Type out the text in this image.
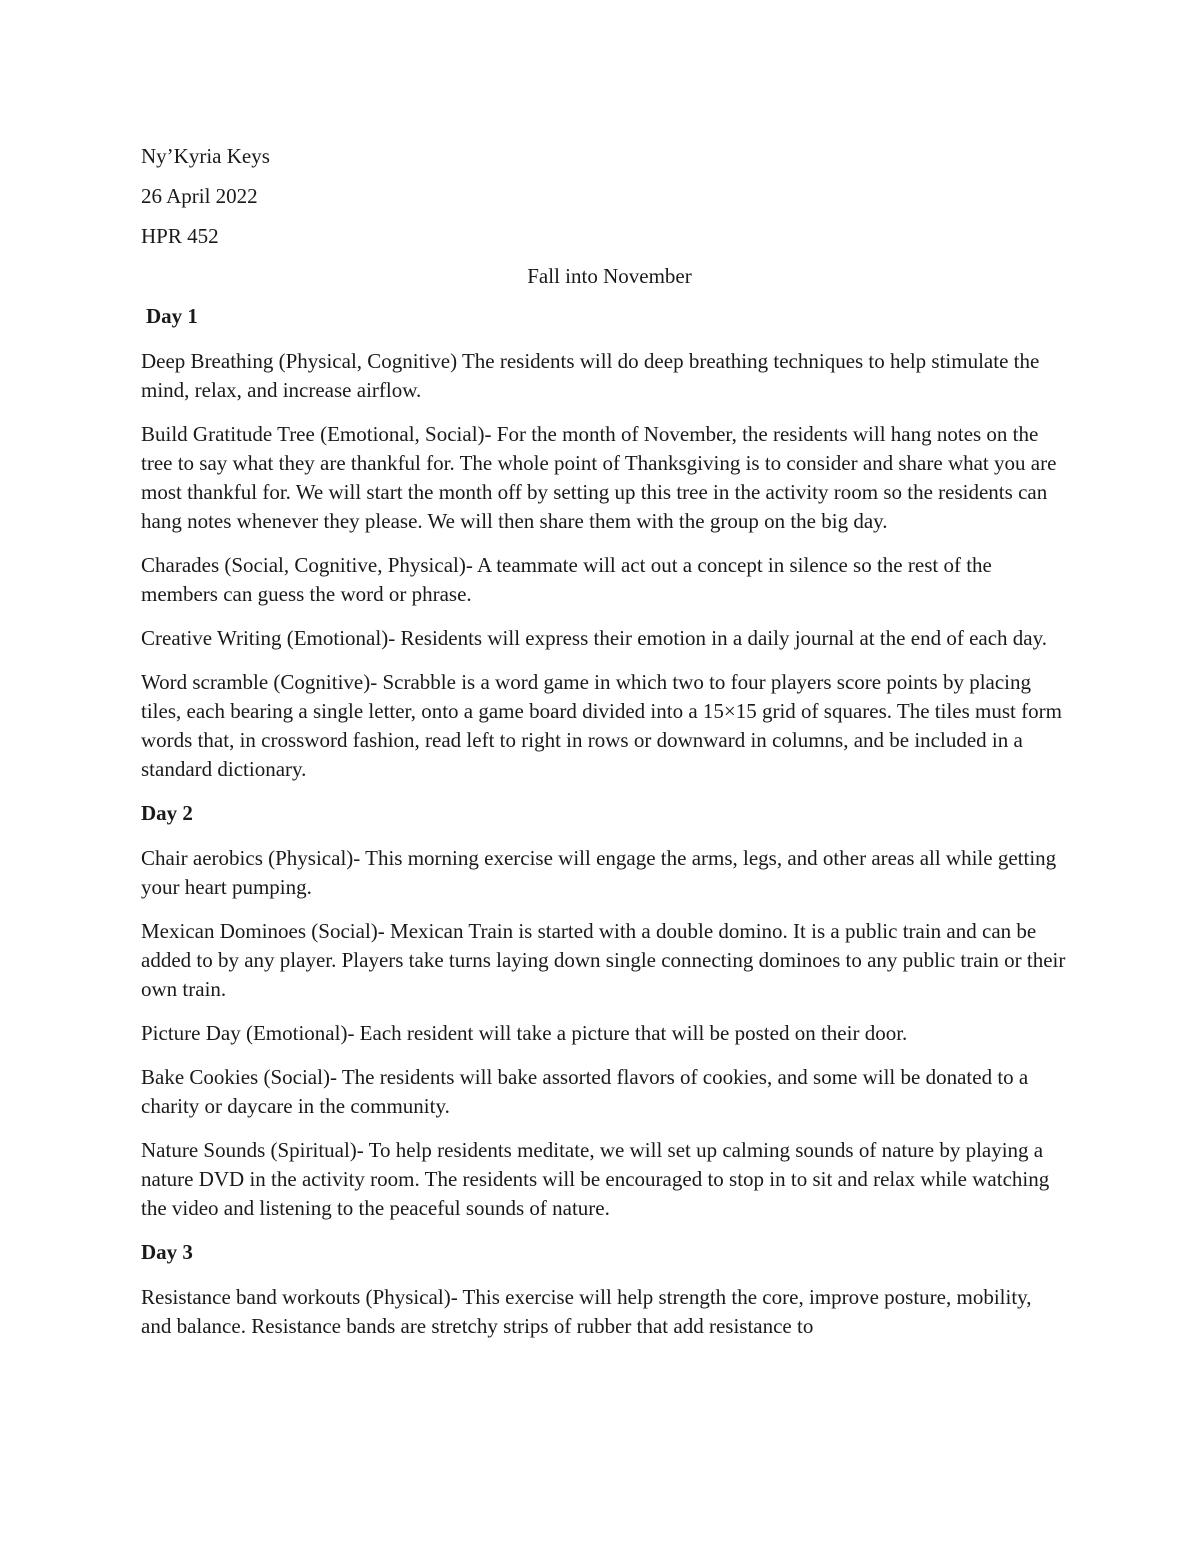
Ny’Kyria Keys

26 April 2022

HPR 452

Fall into November

Day 1

Deep Breathing (Physical, Cognitive) The residents will do deep breathing techniques to help stimulate the mind, relax, and increase airflow.

Build Gratitude Tree (Emotional, Social)- For the month of November, the residents will hang notes on the tree to say what they are thankful for. The whole point of Thanksgiving is to consider and share what you are most thankful for. We will start the month off by setting up this tree in the activity room so the residents can hang notes whenever they please. We will then share them with the group on the big day.

Charades (Social, Cognitive, Physical)- A teammate will act out a concept in silence so the rest of the members can guess the word or phrase.

Creative Writing (Emotional)- Residents will express their emotion in a daily journal at the end of each day.

Word scramble (Cognitive)- Scrabble is a word game in which two to four players score points by placing tiles, each bearing a single letter, onto a game board divided into a 15×15 grid of squares. The tiles must form words that, in crossword fashion, read left to right in rows or downward in columns, and be included in a standard dictionary.

Day 2

Chair aerobics (Physical)- This morning exercise will engage the arms, legs, and other areas all while getting your heart pumping.

Mexican Dominoes (Social)- Mexican Train is started with a double domino. It is a public train and can be added to by any player. Players take turns laying down single connecting dominoes to any public train or their own train.

Picture Day (Emotional)- Each resident will take a picture that will be posted on their door.

Bake Cookies (Social)- The residents will bake assorted flavors of cookies, and some will be donated to a charity or daycare in the community.

Nature Sounds (Spiritual)- To help residents meditate, we will set up calming sounds of nature by playing a nature DVD in the activity room. The residents will be encouraged to stop in to sit and relax while watching the video and listening to the peaceful sounds of nature.

Day 3

Resistance band workouts (Physical)- This exercise will help strength the core, improve posture, mobility, and balance. Resistance bands are stretchy strips of rubber that add resistance to
